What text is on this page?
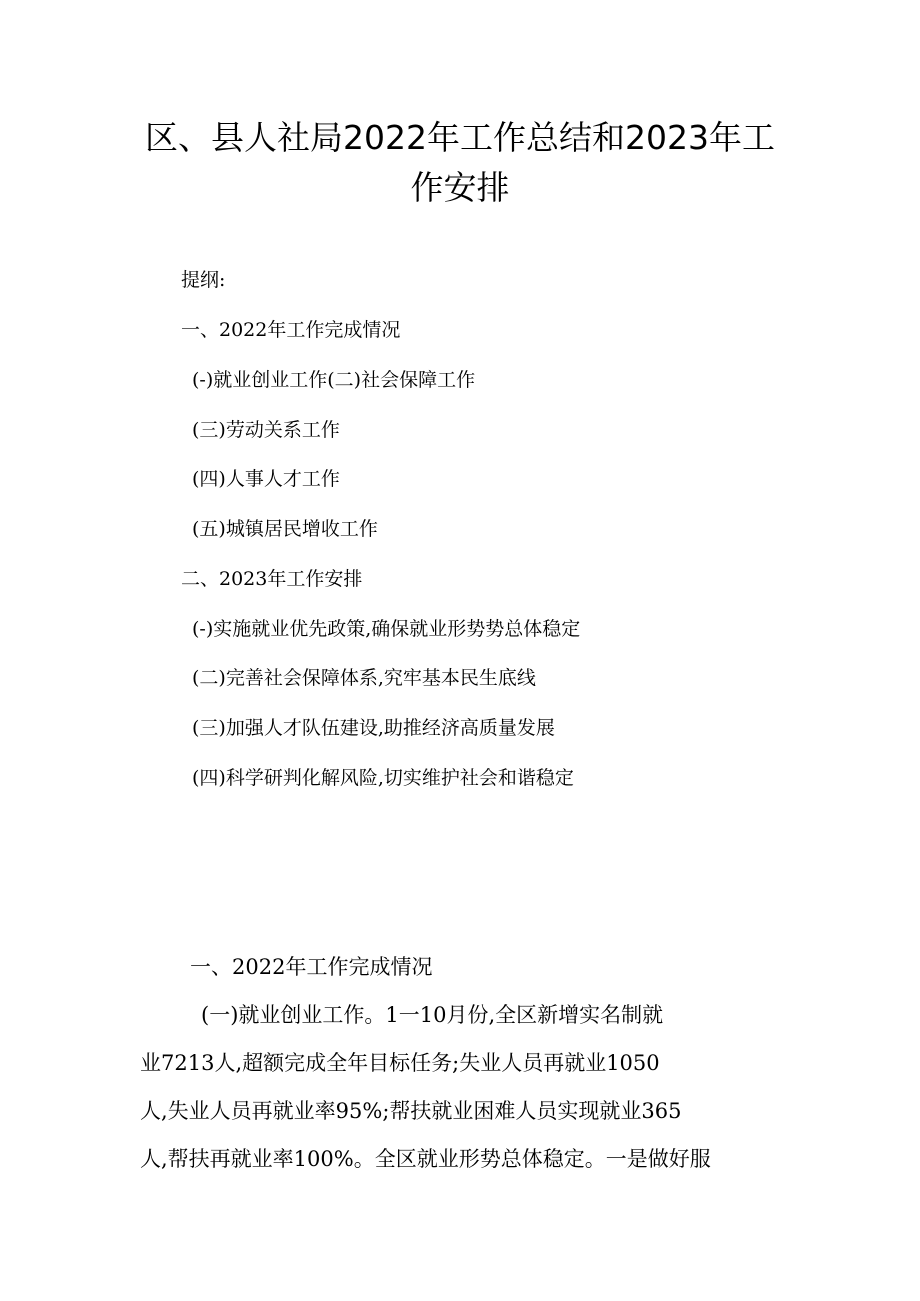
区、县人社局2022年工作总结和2023年工
作安排
提纲:
一、2022年工作完成情况
(-)就业创业工作(二)社会保障工作
(三)劳动关系工作
(四)人事人才工作
(五)城镇居民增收工作
二、2023年工作安排
(-)实施就业优先政策,确保就业形势势总体稳定
(二)完善社会保障体系,究牢基本民生底线
(三)加强人才队伍建设,助推经济高质量发展
(四)科学研判化解风险,切实维护社会和谐稳定
一、2022年工作完成情况
(一)就业创业工作。1一10月份,全区新增实名制就
业7213人,超额完成全年目标任务;失业人员再就业1050
人,失业人员再就业率95%;帮扶就业困难人员实现就业365
人,帮扶再就业率100%。全区就业形势总体稳定。一是做好服
